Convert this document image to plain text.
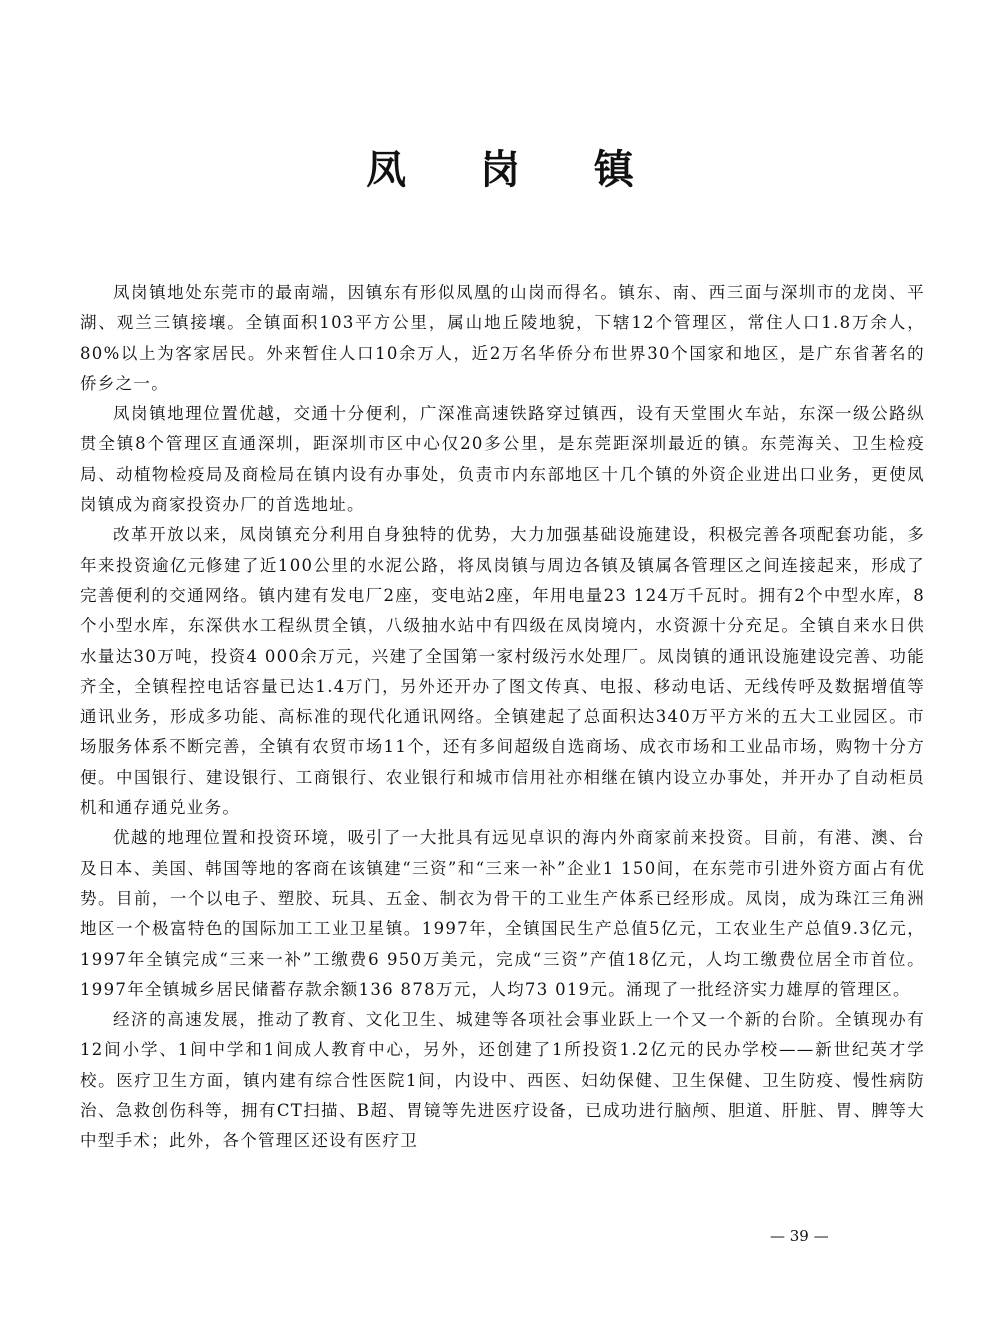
凤 岗 镇

凤岗镇地处东莞市的最南端，因镇东有形似凤凰的山岗而得名。镇东、南、西三面与深圳市的龙岗、平湖、观兰三镇接壤。全镇面积103平方公里，属山地丘陵地貌，下辖12个管理区，常住人口1.8万余人，80%以上为客家居民。外来暂住人口10余万人，近2万名华侨分布世界30个国家和地区，是广东省著名的侨乡之一。

凤岗镇地理位置优越，交通十分便利，广深准高速铁路穿过镇西，设有天堂围火车站，东深一级公路纵贯全镇8个管理区直通深圳，距深圳市区中心仅20多公里，是东莞距深圳最近的镇。东莞海关、卫生检疫局、动植物检疫局及商检局在镇内设有办事处，负责市内东部地区十几个镇的外资企业进出口业务，更使凤岗镇成为商家投资办厂的首选地址。

改革开放以来，凤岗镇充分利用自身独特的优势，大力加强基础设施建设，积极完善各项配套功能，多年来投资逾亿元修建了近100公里的水泥公路，将凤岗镇与周边各镇及镇属各管理区之间连接起来，形成了完善便利的交通网络。镇内建有发电厂2座，变电站2座，年用电量23 124万千瓦时。拥有2个中型水库，8个小型水库，东深供水工程纵贯全镇，八级抽水站中有四级在凤岗境内，水资源十分充足。全镇自来水日供水量达30万吨，投资4 000余万元，兴建了全国第一家村级污水处理厂。凤岗镇的通讯设施建设完善、功能齐全，全镇程控电话容量已达1.4万门，另外还开办了图文传真、电报、移动电话、无线传呼及数据增值等通讯业务，形成多功能、高标准的现代化通讯网络。全镇建起了总面积达340万平方米的五大工业园区。市场服务体系不断完善，全镇有农贸市场11个，还有多间超级自选商场、成衣市场和工业品市场，购物十分方便。中国银行、建设银行、工商银行、农业银行和城市信用社亦相继在镇内设立办事处，并开办了自动柜员机和通存通兑业务。

优越的地理位置和投资环境，吸引了一大批具有远见卓识的海内外商家前来投资。目前，有港、澳、台及日本、美国、韩国等地的客商在该镇建“三资”和“三来一补”企业1 150间，在东莞市引进外资方面占有优势。目前，一个以电子、塑胶、玩具、五金、制衣为骨干的工业生产体系已经形成。凤岗，成为珠江三角洲地区一个极富特色的国际加工工业卫星镇。1997年，全镇国民生产总值5亿元，工农业生产总值9.3亿元，1997年全镇完成“三来一补”工缴费6 950万美元，完成“三资”产值18亿元，人均工缴费位居全市首位。1997年全镇城乡居民储蓄存款余额136 878万元，人均73 019元。涌现了一批经济实力雄厚的管理区。

经济的高速发展，推动了教育、文化卫生、城建等各项社会事业跃上一个又一个新的台阶。全镇现办有12间小学、1间中学和1间成人教育中心，另外，还创建了1所投资1.2亿元的民办学校——新世纪英才学校。医疗卫生方面，镇内建有综合性医院1间，内设中、西医、妇幼保健、卫生保健、卫生防疫、慢性病防治、急救创伤科等，拥有CT扫描、B超、胃镜等先进医疗设备，已成功进行脑颅、胆道、肝脏、胃、脾等大中型手术；此外，各个管理区还设有医疗卫

— 39 —
